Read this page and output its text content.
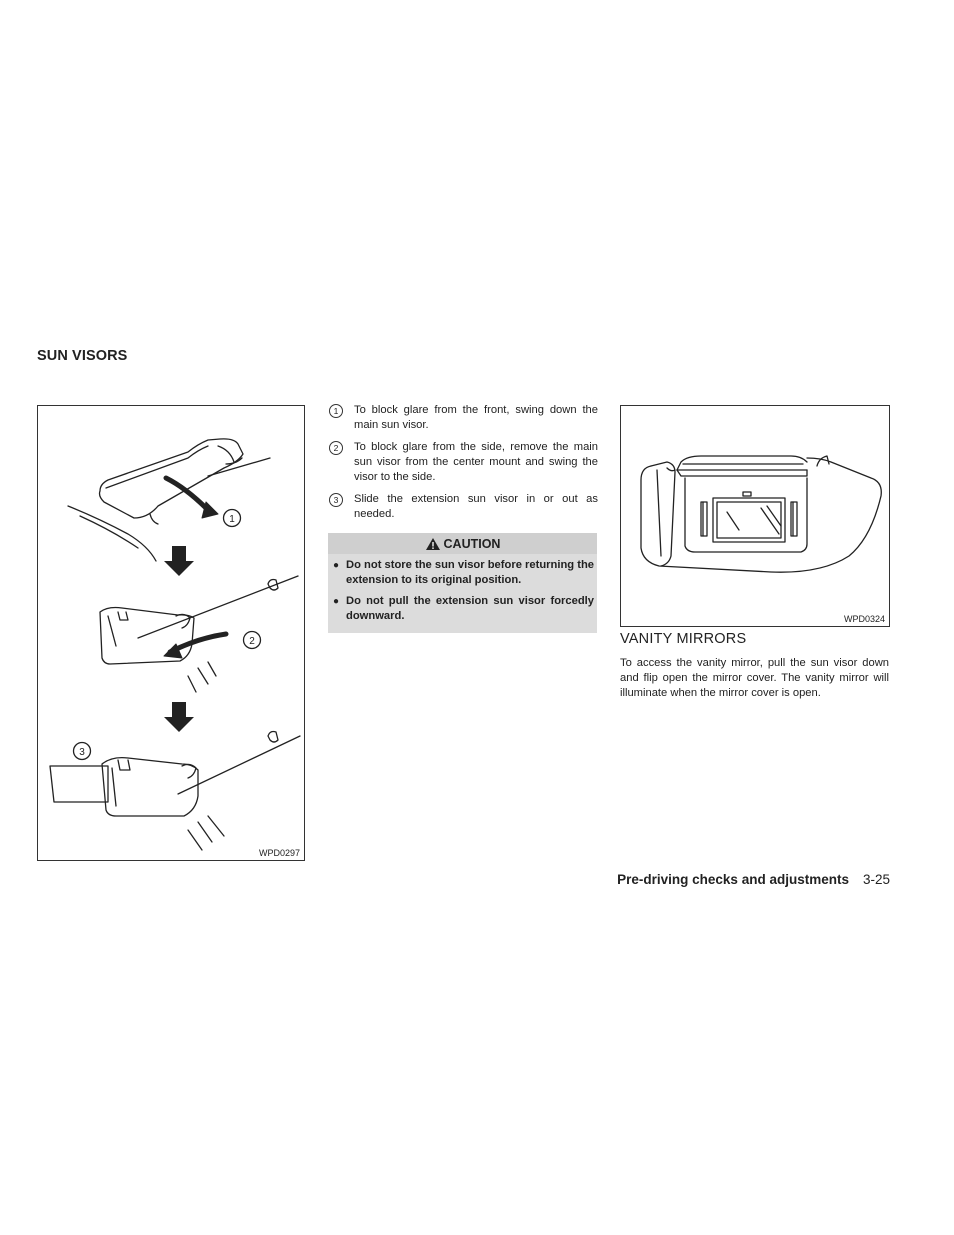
SUN VISORS
1
2
3
WPD0297
1	To block glare from the front, swing down the main sun visor.
2	To block glare from the side, remove the main sun visor from the center mount and swing the visor to the side.
3	Slide the extension sun visor in or out as needed.
CAUTION
● Do not store the sun visor before returning the extension to its original position.
● Do not pull the extension sun visor forcedly downward.	WPD0324
VANITY MIRRORS
To access the vanity mirror, pull the sun visor down and flip open the mirror cover. The vanity mirror will illuminate when the mirror cover is open.
Pre-driving checks and adjustments 3-25
